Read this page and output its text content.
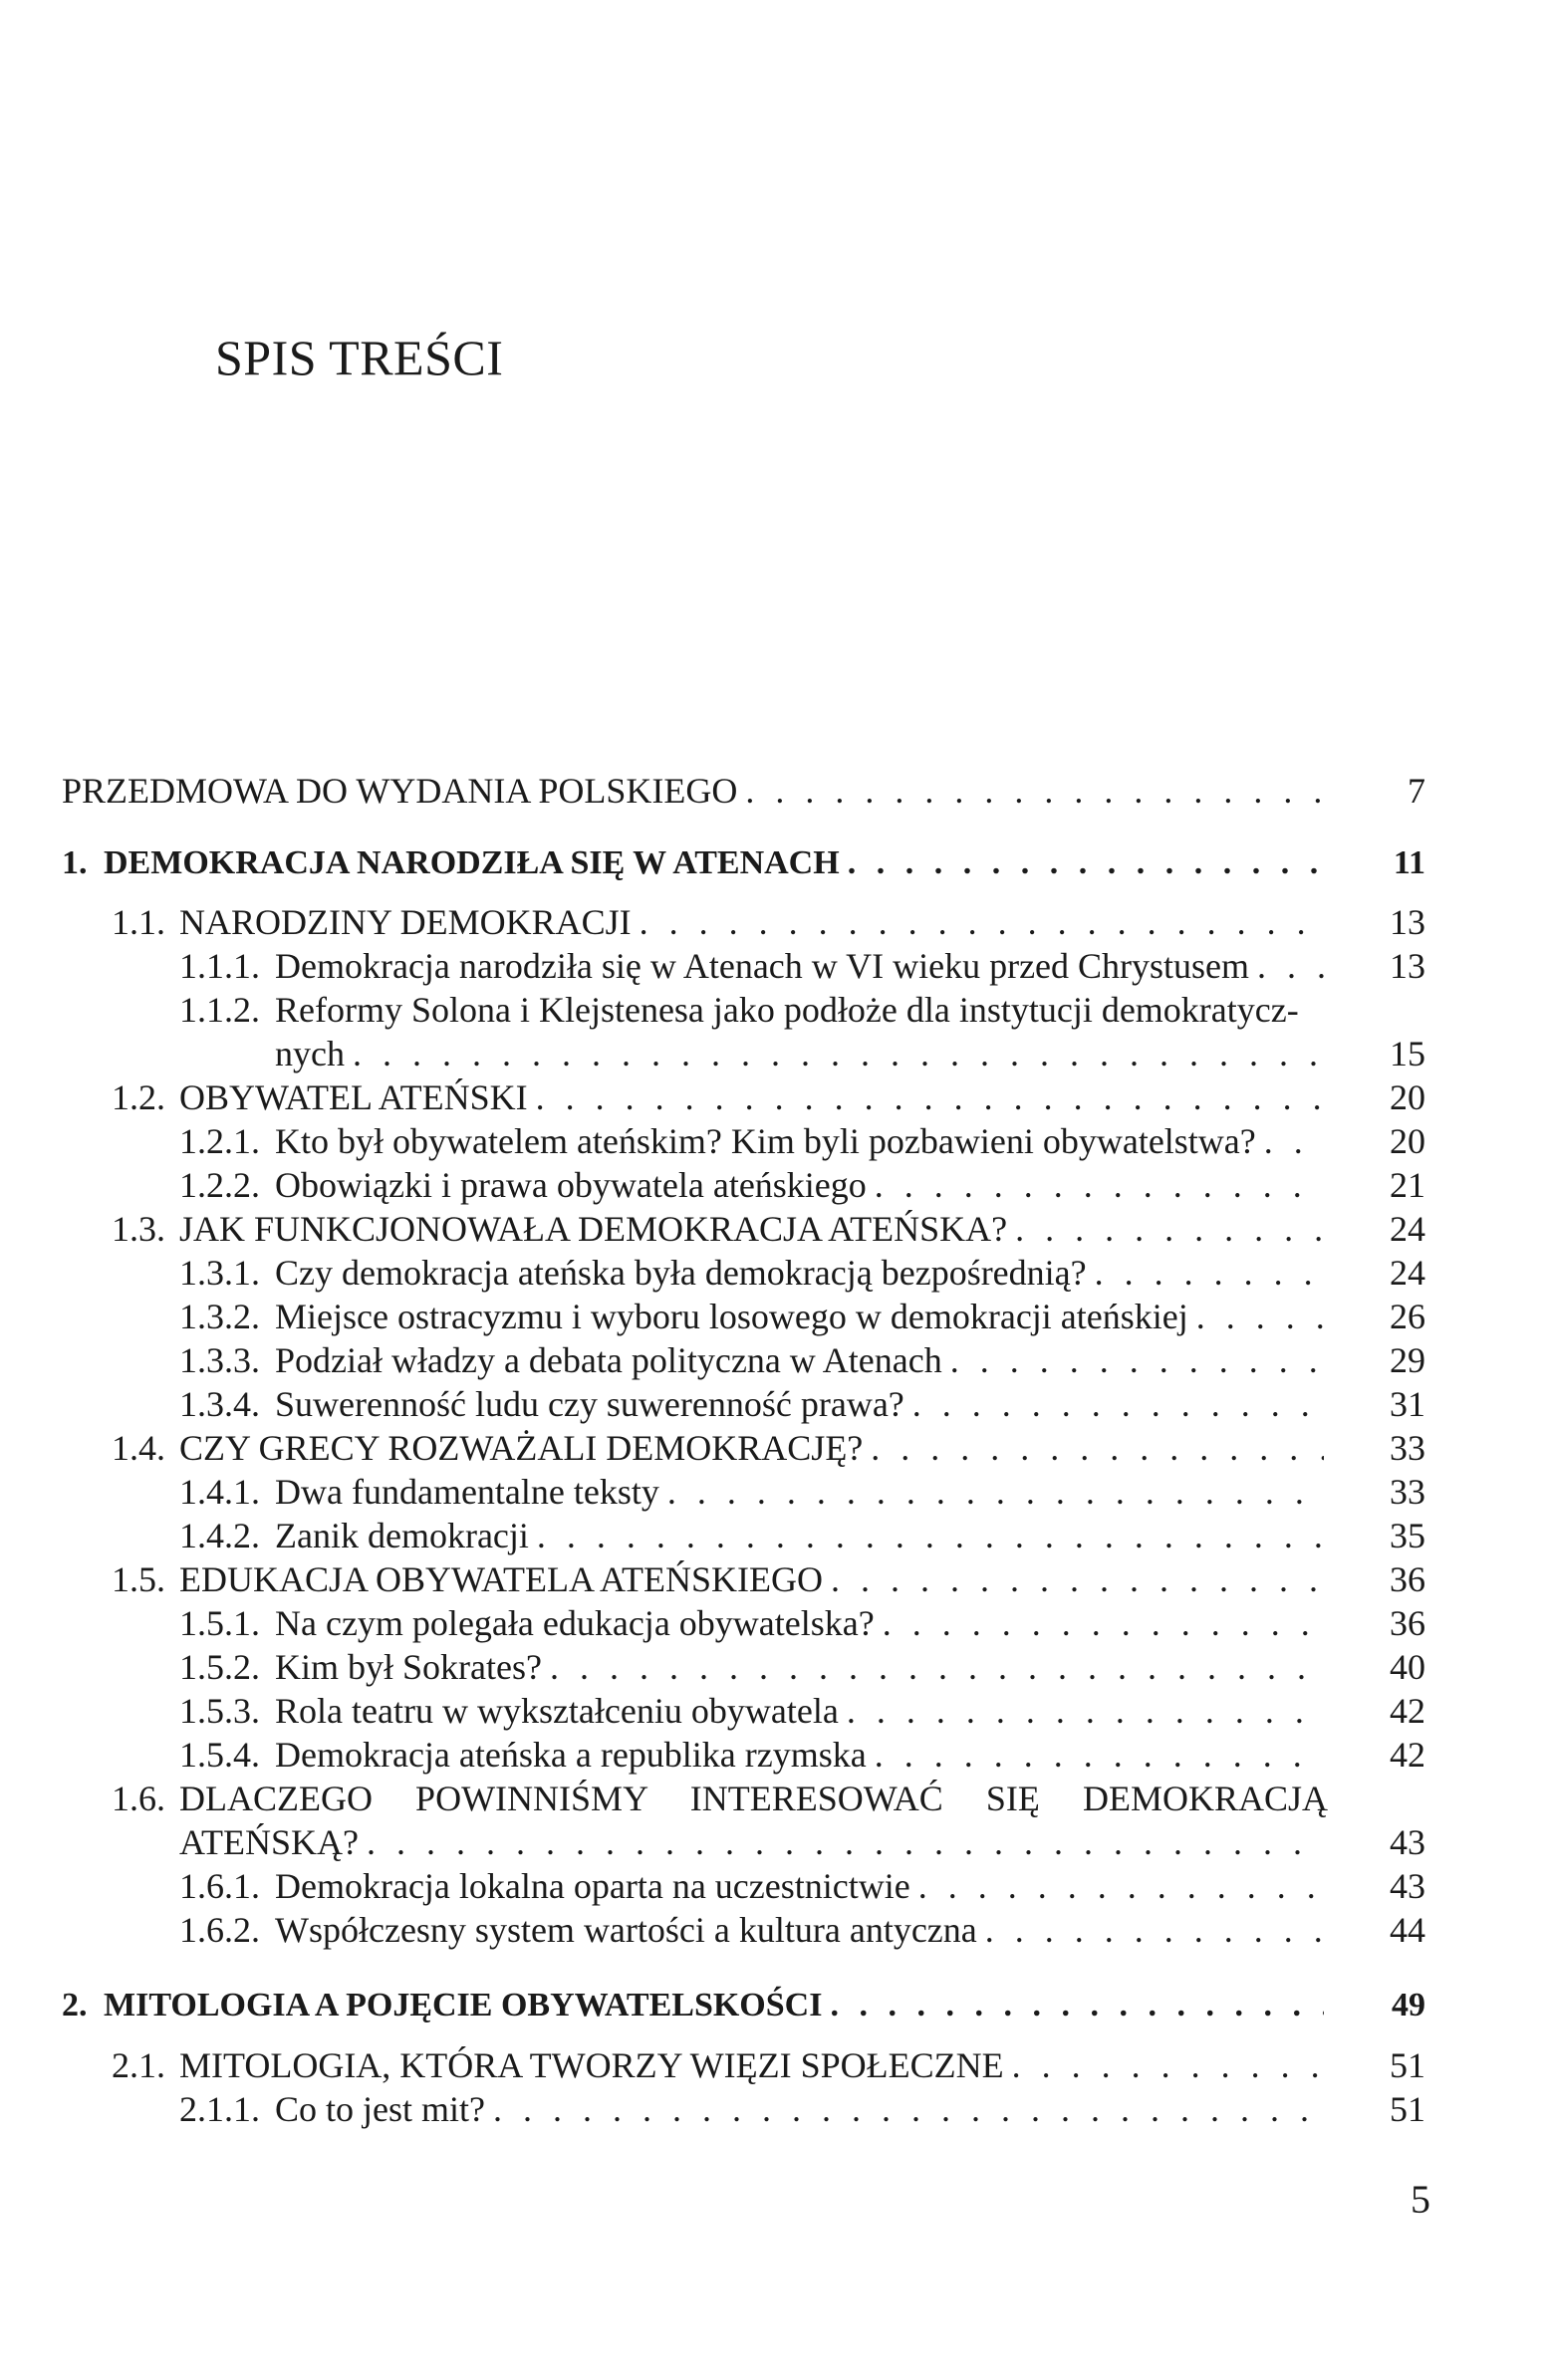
SPIS TREŚCI
PRZEDMOWA DO WYDANIA POLSKIEGO . . .	7
1. DEMOKRACJA NARODZIŁA SIĘ W ATENACH . . .	11
1.1. NARODZINY DEMOKRACJI . . .	13
1.1.1. Demokracja narodziła się w Atenach w VI wieku przed Chrystusem . . .	13
1.1.2. Reformy Solona i Klejstenesa jako podłoże dla instytucji demokratycz-
nych . . .	15
1.2. OBYWATEL ATEŃSKI . . .	20
1.2.1. Kto był obywatelem ateńskim? Kim byli pozbawieni obywatelstwa? . . .	20
1.2.2. Obowiązki i prawa obywatela ateńskiego . . .	21
1.3. JAK FUNKCJONOWAŁA DEMOKRACJA ATEŃSKA? . . .	24
1.3.1. Czy demokracja ateńska była demokracją bezpośrednią? . . .	24
1.3.2. Miejsce ostracyzmu i wyboru losowego w demokracji ateńskiej . . .	26
1.3.3. Podział władzy a debata polityczna w Atenach . . .	29
1.3.4. Suwerenność ludu czy suwerenność prawa? . . .	31
1.4. CZY GRECY ROZWAŻALI DEMOKRACJĘ? . . .	33
1.4.1. Dwa fundamentalne teksty . . .	33
1.4.2. Zanik demokracji . . .	35
1.5. EDUKACJA OBYWATELA ATEŃSKIEGO . . .	36
1.5.1. Na czym polegała edukacja obywatelska? . . .	36
1.5.2. Kim był Sokrates? . . .	40
1.5.3. Rola teatru w wykształceniu obywatela . . .	42
1.5.4. Demokracja ateńska a republika rzymska . . .	42
1.6. DLACZEGO POWINNIŚMY INTERESOWAĆ SIĘ DEMOKRACJĄ
ATEŃSKĄ? . . .	43
1.6.1. Demokracja lokalna oparta na uczestnictwie . . .	43
1.6.2. Współczesny system wartości a kultura antyczna . . .	44
2. MITOLOGIA A POJĘCIE OBYWATELSKOŚCI . . .	49
2.1. MITOLOGIA, KTÓRA TWORZY WIĘZI SPOŁECZNE . . .	51
2.1.1. Co to jest mit? . . .	51
5
